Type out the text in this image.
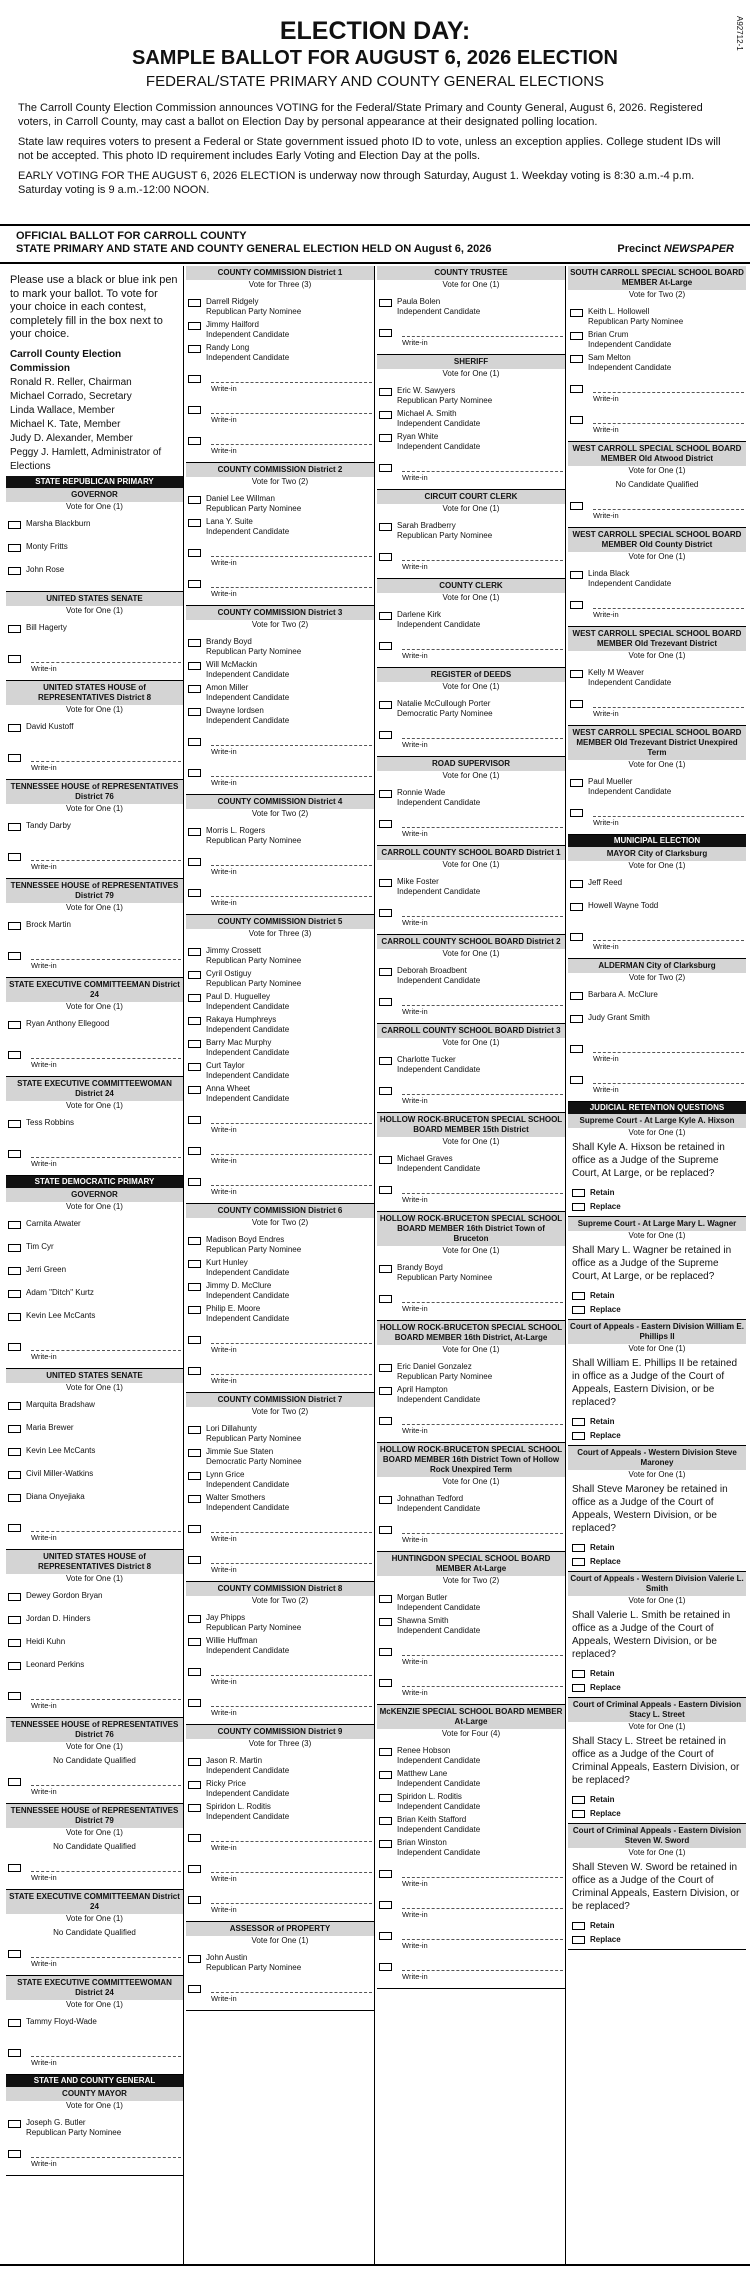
A92712-1
ELECTION DAY:
SAMPLE BALLOT FOR AUGUST 6, 2026 ELECTION
FEDERAL/STATE PRIMARY AND COUNTY GENERAL ELECTIONS

The Carroll County Election Commission announces VOTING for the Federal/State Primary and County General, August 6, 2026. Registered voters, in Carroll County, may cast a ballot on Election Day by personal appearance at their designated polling location.

State law requires voters to present a Federal or State government issued photo ID to vote, unless an exception applies. College student IDs will not be accepted. This photo ID requirement includes Early Voting and Election Day at the polls.

EARLY VOTING FOR THE AUGUST 6, 2026 ELECTION is underway now through Saturday, August 1. Weekday voting is 8:30 a.m.-4 p.m. Saturday voting is 9 a.m.-12:00 NOON.

OFFICIAL BALLOT FOR CARROLL COUNTY
STATE PRIMARY AND STATE AND COUNTY GENERAL ELECTION HELD ON August 6, 2026	Precinct NEWSPAPER
Please use a black or blue ink pen to mark your ballot. To vote for your choice in each contest, completely fill in the box next to your choice.
Carroll County Election Commission
Ronald R. Reller, Chairman
Michael Corrado, Secretary
Linda Wallace, Member
Michael K. Tate, Member
Judy D. Alexander, Member
Peggy J. Hamlett, Administrator of Elections
STATE REPUBLICAN PRIMARY
GOVERNOR
Vote for One (1)
Marsha Blackburn
Monty Fritts
John Rose
UNITED STATES SENATE
Vote for One (1)
Bill Hagerty
Write-in
UNITED STATES HOUSE of REPRESENTATIVES District 8
Vote for One (1)
David Kustoff
Write-in
TENNESSEE HOUSE of REPRESENTATIVES District 76
Vote for One (1)
Tandy Darby
Write-in
TENNESSEE HOUSE of REPRESENTATIVES District 79
Vote for One (1)
Brock Martin
Write-in
STATE EXECUTIVE COMMITTEEMAN District 24
Vote for One (1)
Ryan Anthony Ellegood
Write-in
STATE EXECUTIVE COMMITTEEWOMAN District 24
Vote for One (1)
Tess Robbins
Write-in
STATE DEMOCRATIC PRIMARY
GOVERNOR
Vote for One (1)
Carnita Atwater
Tim Cyr
Jerri Green
Adam "Ditch" Kurtz
Kevin Lee McCants
Write-in
UNITED STATES SENATE
Vote for One (1)
Marquita Bradshaw
Maria Brewer
Kevin Lee McCants
Civil Miller-Watkins
Diana Onyejiaka
Write-in
UNITED STATES HOUSE of REPRESENTATIVES District 8
Vote for One (1)
Dewey Gordon Bryan
Jordan D. Hinders
Heidi Kuhn
Leonard Perkins
Write-in
TENNESSEE HOUSE of REPRESENTATIVES District 76
Vote for One (1)
No Candidate Qualified
Write-in
TENNESSEE HOUSE of REPRESENTATIVES District 79
Vote for One (1)
No Candidate Qualified
Write-in
STATE EXECUTIVE COMMITTEEMAN District 24
Vote for One (1)
No Candidate Qualified
Write-in
STATE EXECUTIVE COMMITTEEWOMAN District 24
Vote for One (1)
Tammy Floyd-Wade
Write-in
STATE AND COUNTY GENERAL
COUNTY MAYOR
Vote for One (1)
Joseph G. Butler
Republican Party Nominee
Write-in
COUNTY COMMISSION District 1
Vote for Three (3)
Darrell Ridgely
Republican Party Nominee
Jimmy Hailford
Independent Candidate
Randy Long
Independent Candidate
Write-in
Write-in
Write-in
COUNTY COMMISSION District 2
Vote for Two (2)
Daniel Lee Willman
Republican Party Nominee
Lana Y. Suite
Independent Candidate
Write-in
Write-in
COUNTY COMMISSION District 3
Vote for Two (2)
Brandy Boyd
Republican Party Nominee
Will McMackin
Independent Candidate
Amon Miller
Independent Candidate
Dwayne Iordsen
Independent Candidate
Write-in
Write-in
COUNTY COMMISSION District 4
Vote for Two (2)
Morris L. Rogers
Republican Party Nominee
Write-in
Write-in
COUNTY COMMISSION District 5
Vote for Three (3)
Jimmy Crossett
Republican Party Nominee
Cyril Ostiguy
Republican Party Nominee
Paul D. Huguelley
Independent Candidate
Rakaya Humphreys
Independent Candidate
Barry Mac Murphy
Independent Candidate
Curt Taylor
Independent Candidate
Anna Wheet
Independent Candidate
Write-in
Write-in
Write-in
COUNTY COMMISSION District 6
Vote for Two (2)
Madison Boyd Endres
Republican Party Nominee
Kurt Hunley
Independent Candidate
Jimmy D. McClure
Independent Candidate
Philip E. Moore
Independent Candidate
Write-in
Write-in
COUNTY COMMISSION District 7
Vote for Two (2)
Lori Dillahunty
Republican Party Nominee
Jimmie Sue Staten
Democratic Party Nominee
Lynn Grice
Independent Candidate
Walter Smothers
Independent Candidate
Write-in
Write-in
COUNTY COMMISSION District 8
Vote for Two (2)
Jay Phipps
Republican Party Nominee
Willie Huffman
Independent Candidate
Write-in
Write-in
COUNTY COMMISSION District 9
Vote for Three (3)
Jason R. Martin
Independent Candidate
Ricky Price
Independent Candidate
Spiridon L. Roditis
Independent Candidate
Write-in
Write-in
Write-in
ASSESSOR of PROPERTY
Vote for One (1)
John Austin
Republican Party Nominee
Write-in
COUNTY TRUSTEE
Vote for One (1)
Paula Bolen
Independent Candidate
Write-in
SHERIFF
Vote for One (1)
Eric W. Sawyers
Republican Party Nominee
Michael A. Smith
Independent Candidate
Ryan White
Independent Candidate
Write-in
CIRCUIT COURT CLERK
Vote for One (1)
Sarah Bradberry
Republican Party Nominee
Write-in
COUNTY CLERK
Vote for One (1)
Darlene Kirk
Independent Candidate
Write-in
REGISTER of DEEDS
Vote for One (1)
Natalie McCullough Porter
Democratic Party Nominee
Write-in
ROAD SUPERVISOR
Vote for One (1)
Ronnie Wade
Independent Candidate
Write-in
CARROLL COUNTY SCHOOL BOARD District 1
Vote for One (1)
Mike Foster
Independent Candidate
Write-in
CARROLL COUNTY SCHOOL BOARD District 2
Vote for One (1)
Deborah Broadbent
Independent Candidate
Write-in
CARROLL COUNTY SCHOOL BOARD District 3
Vote for One (1)
Charlotte Tucker
Independent Candidate
Write-in
HOLLOW ROCK-BRUCETON SPECIAL SCHOOL BOARD MEMBER 15th District
Vote for One (1)
Michael Graves
Independent Candidate
Write-in
HOLLOW ROCK-BRUCETON SPECIAL SCHOOL BOARD MEMBER 16th District Town of Bruceton
Vote for One (1)
Brandy Boyd
Republican Party Nominee
Write-in
HOLLOW ROCK-BRUCETON SPECIAL SCHOOL BOARD MEMBER 16th District, At-Large
Vote for One (1)
Eric Daniel Gonzalez
Republican Party Nominee
April Hampton
Independent Candidate
Write-in
HOLLOW ROCK-BRUCETON SPECIAL SCHOOL BOARD MEMBER 16th District Town of Hollow Rock Unexpired Term
Vote for One (1)
Johnathan Tedford
Independent Candidate
Write-in
HUNTINGDON SPECIAL SCHOOL BOARD MEMBER At-Large
Vote for Two (2)
Morgan Butler
Independent Candidate
Shawna Smith
Independent Candidate
Write-in
Write-in
McKENZIE SPECIAL SCHOOL BOARD MEMBER At-Large
Vote for Four (4)
Renee Hobson
Independent Candidate
Matthew Lane
Independent Candidate
Spiridon L. Roditis
Independent Candidate
Brian Keith Stafford
Independent Candidate
Brian Winston
Independent Candidate
Write-in
Write-in
Write-in
Write-in
SOUTH CARROLL SPECIAL SCHOOL BOARD MEMBER At-Large
Vote for Two (2)
Keith L. Hollowell
Republican Party Nominee
Brian Crum
Independent Candidate
Sam Melton
Independent Candidate
Write-in
Write-in
WEST CARROLL SPECIAL SCHOOL BOARD MEMBER Old Atwood District
Vote for One (1)
No Candidate Qualified
Write-in
WEST CARROLL SPECIAL SCHOOL BOARD MEMBER Old County District
Vote for One (1)
Linda Black
Independent Candidate
Write-in
WEST CARROLL SPECIAL SCHOOL BOARD MEMBER Old Trezevant District
Vote for One (1)
Kelly M Weaver
Independent Candidate
Write-in
WEST CARROLL SPECIAL SCHOOL BOARD MEMBER Old Trezevant District Unexpired Term
Vote for One (1)
Paul Mueller
Independent Candidate
Write-in
MUNICIPAL ELECTION
MAYOR City of Clarksburg
Vote for One (1)
Jeff Reed
Howell Wayne Todd
Write-in
ALDERMAN City of Clarksburg
Vote for Two (2)
Barbara A. McClure
Judy Grant Smith
Write-in
Write-in
JUDICIAL RETENTION QUESTIONS
Supreme Court - At Large Kyle A. Hixson
Vote for One (1)
Shall Kyle A. Hixson be retained in office as a Judge of the Supreme Court, At Large, or be replaced?
Retain
Replace
Supreme Court - At Large Mary L. Wagner
Vote for One (1)
Shall Mary L. Wagner be retained in office as a Judge of the Supreme Court, At Large, or be replaced?
Retain
Replace
Court of Appeals - Eastern Division William E. Phillips II
Vote for One (1)
Shall William E. Phillips II be retained in office as a Judge of the Court of Appeals, Eastern Division, or be replaced?
Retain
Replace
Court of Appeals - Western Division Steve Maroney
Vote for One (1)
Shall Steve Maroney be retained in office as a Judge of the Court of Appeals, Western Division, or be replaced?
Retain
Replace
Court of Appeals - Western Division Valerie L. Smith
Vote for One (1)
Shall Valerie L. Smith be retained in office as a Judge of the Court of Appeals, Western Division, or be replaced?
Retain
Replace
Court of Criminal Appeals - Eastern Division Stacy L. Street
Vote for One (1)
Shall Stacy L. Street be retained in office as a Judge of the Court of Criminal Appeals, Eastern Division, or be replaced?
Retain
Replace
Court of Criminal Appeals - Eastern Division Steven W. Sword
Vote for One (1)
Shall Steven W. Sword be retained in office as a Judge of the Court of Criminal Appeals, Eastern Division, or be replaced?
Retain
Replace
